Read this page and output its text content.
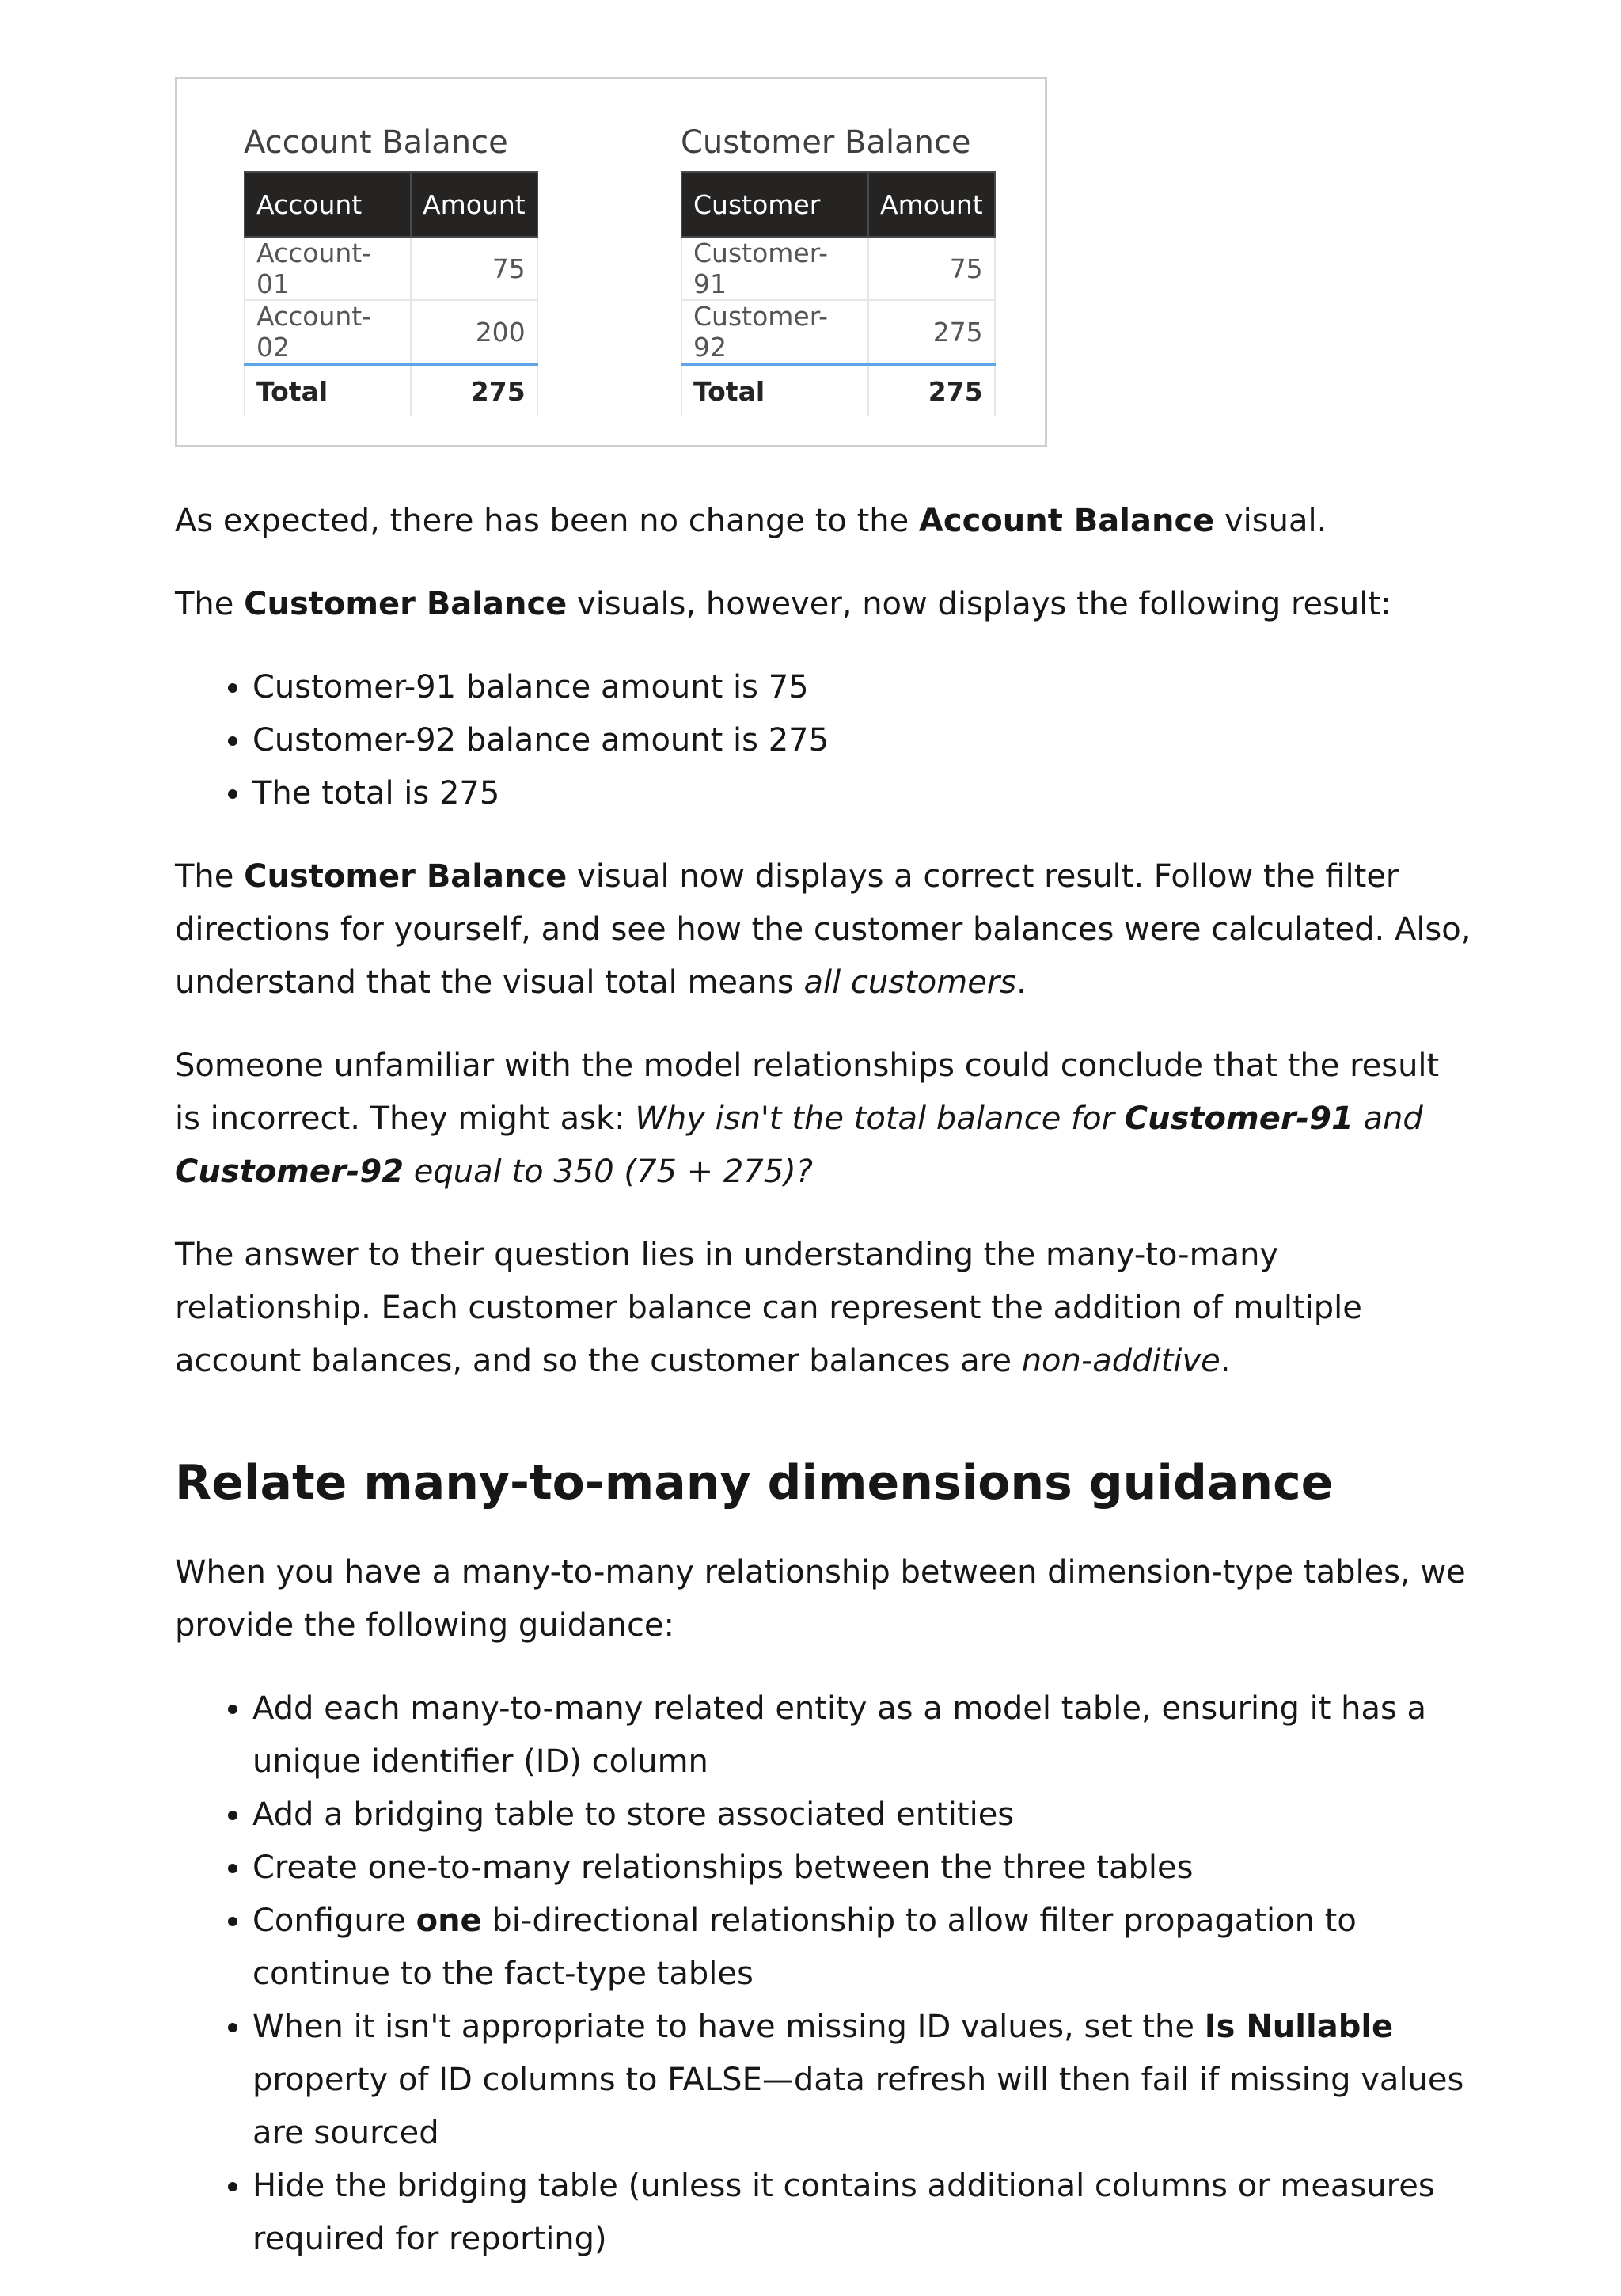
Account Balance
Account	Amount
Account-01	75
Account-02	200
Total	275
Customer Balance
Customer	Amount
Customer-91	75
Customer-92	275
Total	275

As expected, there has been no change to the Account Balance visual.

The Customer Balance visuals, however, now displays the following result:

• Customer-91 balance amount is 75
• Customer-92 balance amount is 275
• The total is 275

The Customer Balance visual now displays a correct result. Follow the filter directions for yourself, and see how the customer balances were calculated. Also, understand that the visual total means all customers.

Someone unfamiliar with the model relationships could conclude that the result is incorrect. They might ask: Why isn't the total balance for Customer-91 and Customer-92 equal to 350 (75 + 275)?

The answer to their question lies in understanding the many-to-many relationship. Each customer balance can represent the addition of multiple account balances, and so the customer balances are non-additive.

Relate many-to-many dimensions guidance

When you have a many-to-many relationship between dimension-type tables, we provide the following guidance:

• Add each many-to-many related entity as a model table, ensuring it has a unique identifier (ID) column
• Add a bridging table to store associated entities
• Create one-to-many relationships between the three tables
• Configure one bi-directional relationship to allow filter propagation to continue to the fact-type tables
• When it isn't appropriate to have missing ID values, set the Is Nullable property of ID columns to FALSE—data refresh will then fail if missing values are sourced
• Hide the bridging table (unless it contains additional columns or measures required for reporting)
